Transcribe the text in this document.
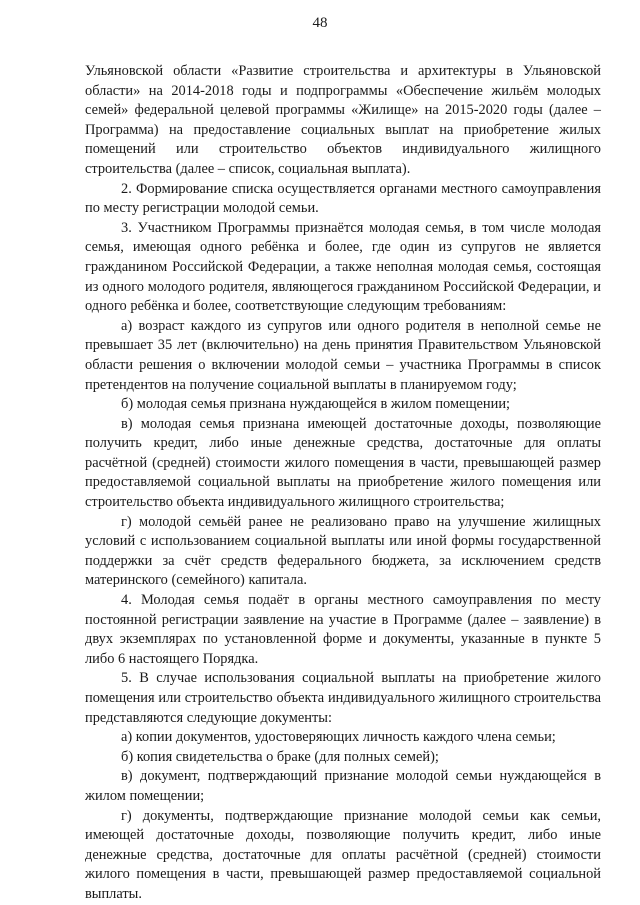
48

Ульяновской области «Развитие строительства и архитектуры в Ульяновской области» на 2014-2018 годы и подпрограммы «Обеспечение жильём молодых семей» федеральной целевой программы «Жилище» на 2015-2020 годы (далее – Программа) на предоставление социальных выплат на приобретение жилых помещений или строительство объектов индивидуального жилищного строительства (далее – список, социальная выплата).

2. Формирование списка осуществляется органами местного самоуправления по месту регистрации молодой семьи.

3. Участником Программы признаётся молодая семья, в том числе молодая семья, имеющая одного ребёнка и более, где один из супругов не является гражданином Российской Федерации, а также неполная молодая семья, состоящая из одного молодого родителя, являющегося гражданином Российской Федерации, и одного ребёнка и более, соответствующие следующим требованиям:

а) возраст каждого из супругов или одного родителя в неполной семье не превышает 35 лет (включительно) на день принятия Правительством Ульяновской области решения о включении молодой семьи – участника Программы в список претендентов на получение социальной выплаты в планируемом году;

б) молодая семья признана нуждающейся в жилом помещении;

в) молодая семья признана имеющей достаточные доходы, позволяющие получить кредит, либо иные денежные средства, достаточные для оплаты расчётной (средней) стоимости жилого помещения в части, превышающей размер предоставляемой социальной выплаты на приобретение жилого помещения или строительство объекта индивидуального жилищного строительства;

г) молодой семьёй ранее не реализовано право на улучшение жилищных условий с использованием социальной выплаты или иной формы государственной поддержки за счёт средств федерального бюджета, за исключением средств материнского (семейного) капитала.

4. Молодая семья подаёт в органы местного самоуправления по месту постоянной регистрации заявление на участие в Программе (далее – заявление) в двух экземплярах по установленной форме и документы, указанные в пункте 5 либо 6 настоящего Порядка.

5. В случае использования социальной выплаты на приобретение жилого помещения или строительство объекта индивидуального жилищного строительства представляются следующие документы:

а) копии документов, удостоверяющих личность каждого члена семьи;

б) копия свидетельства о браке (для полных семей);

в) документ, подтверждающий признание молодой семьи нуждающейся в жилом помещении;

г) документы, подтверждающие признание молодой семьи как семьи, имеющей достаточные доходы, позволяющие получить кредит, либо иные денежные средства, достаточные для оплаты расчётной (средней) стоимости жилого помещения в части, превышающей размер предоставляемой социальной выплаты.
